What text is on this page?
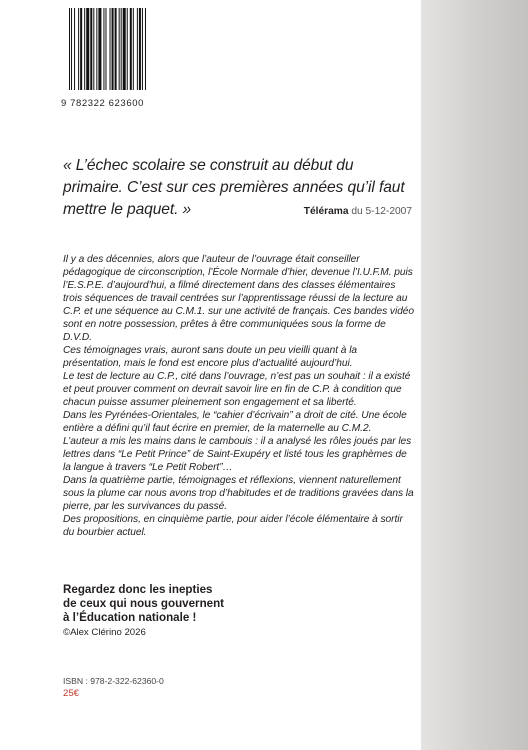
9 782322 623600
« L’échec scolaire se construit au début du primaire. C’est sur ces premières années qu’il faut mettre le paquet. »	Télérama du 5-12-2007

Il y a des décennies, alors que l’auteur de l’ouvrage était conseiller pédagogique de circonscription, l’École Normale d’hier, devenue l’I.U.F.M. puis l’E.S.P.E. d’aujourd’hui, a filmé directement dans des classes élémentaires trois séquences de travail centrées sur l’apprentissage réussi de la lecture au C.P. et une séquence au C.M.1. sur une activité de français. Ces bandes vidéo sont en notre possession, prêtes à être communiquées sous la forme de D.V.D.

Ces témoignages vrais, auront sans doute un peu vieilli quant à la présentation, mais le fond est encore plus d’actualité aujourd’hui.

Le test de lecture au C.P., cité dans l’ouvrage, n’est pas un souhait : il a existé et peut prouver comment on devrait savoir lire en fin de C.P. à condition que chacun puisse assumer pleinement son engagement et sa liberté.

Dans les Pyrénées-Orientales, le “cahier d’écrivain” a droit de cité. Une école entière a défini qu’il faut écrire en premier, de la maternelle au C.M.2.

L’auteur a mis les mains dans le cambouis : il a analysé les rôles joués par les lettres dans “Le Petit Prince” de Saint-Exupéry et listé tous les graphèmes de la langue à travers “Le Petit Robert”…

Dans la quatrième partie, témoignages et réflexions, viennent naturellement sous la plume car nous avons trop d’habitudes et de traditions gravées dans la pierre, par les survivances du passé.

Des propositions, en cinquième partie, pour aider l’école élémentaire à sortir du bourbier actuel.

Regardez donc les inepties
de ceux qui nous gouvernent
à l’Éducation nationale !
©Alex Clérino 2026
ISBN : 978-2-322-62360-0
25€
